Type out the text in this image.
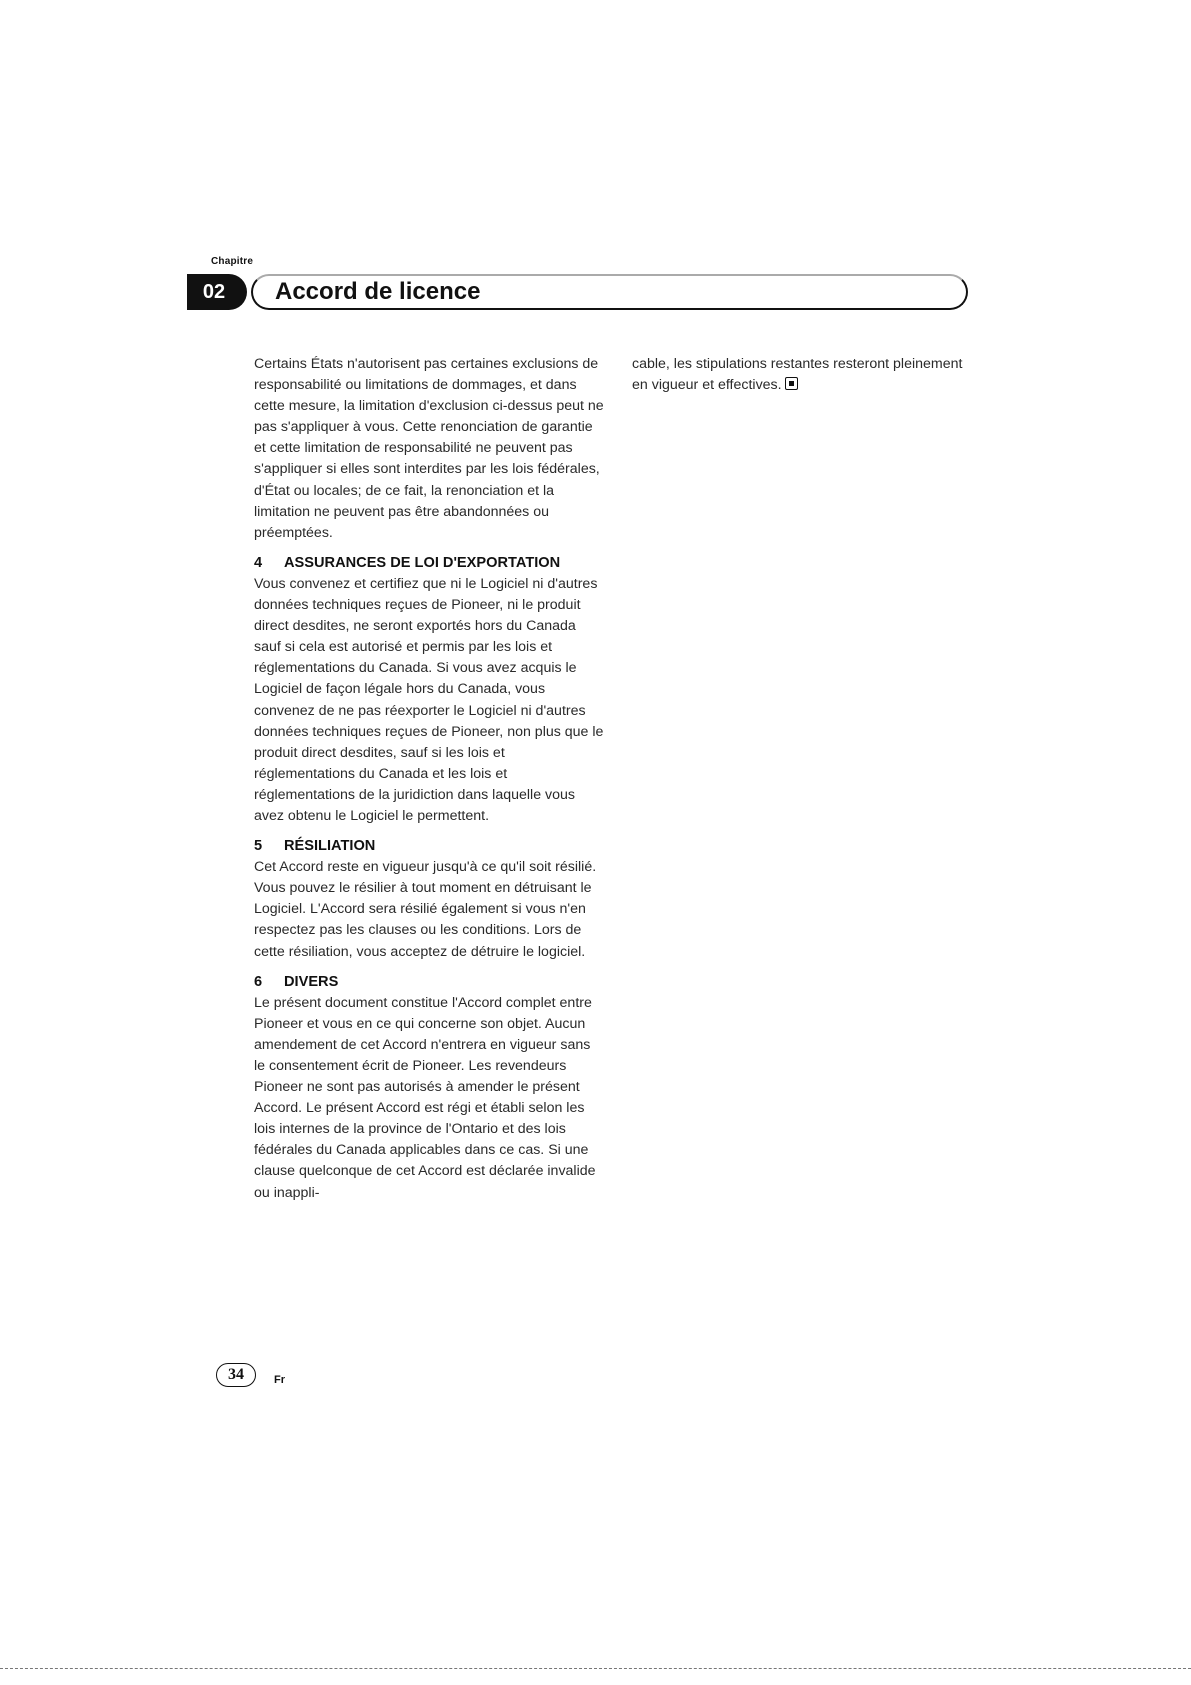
Chapitre
02	Accord de licence

Certains États n'autorisent pas certaines exclusions de responsabilité ou limitations de dommages, et dans cette mesure, la limitation d'exclusion ci-dessus peut ne pas s'appliquer à vous. Cette renonciation de garantie et cette limitation de responsabilité ne peuvent pas s'appliquer si elles sont interdites par les lois fédérales, d'État ou locales; de ce fait, la renonciation et la limitation ne peuvent pas être abandonnées ou préemptées.

4 ASSURANCES DE LOI D'EXPORTATION

Vous convenez et certifiez que ni le Logiciel ni d'autres données techniques reçues de Pioneer, ni le produit direct desdites, ne seront exportés hors du Canada sauf si cela est autorisé et permis par les lois et réglementations du Canada. Si vous avez acquis le Logiciel de façon légale hors du Canada, vous convenez de ne pas réexporter le Logiciel ni d'autres données techniques reçues de Pioneer, non plus que le produit direct desdites, sauf si les lois et réglementations du Canada et les lois et réglementations de la juridiction dans laquelle vous avez obtenu le Logiciel le permettent.

5 RÉSILIATION

Cet Accord reste en vigueur jusqu'à ce qu'il soit résilié. Vous pouvez le résilier à tout moment en détruisant le Logiciel. L'Accord sera résilié également si vous n'en respectez pas les clauses ou les conditions. Lors de cette résiliation, vous acceptez de détruire le logiciel.

6 DIVERS

Le présent document constitue l'Accord complet entre Pioneer et vous en ce qui concerne son objet. Aucun amendement de cet Accord n'entrera en vigueur sans le consentement écrit de Pioneer. Les revendeurs Pioneer ne sont pas autorisés à amender le présent Accord. Le présent Accord est régi et établi selon les lois internes de la province de l'Ontario et des lois fédérales du Canada applicables dans ce cas. Si une clause quelconque de cet Accord est déclarée invalide ou inappli-

cable, les stipulations restantes resteront pleinement en vigueur et effectives.

34	Fr
